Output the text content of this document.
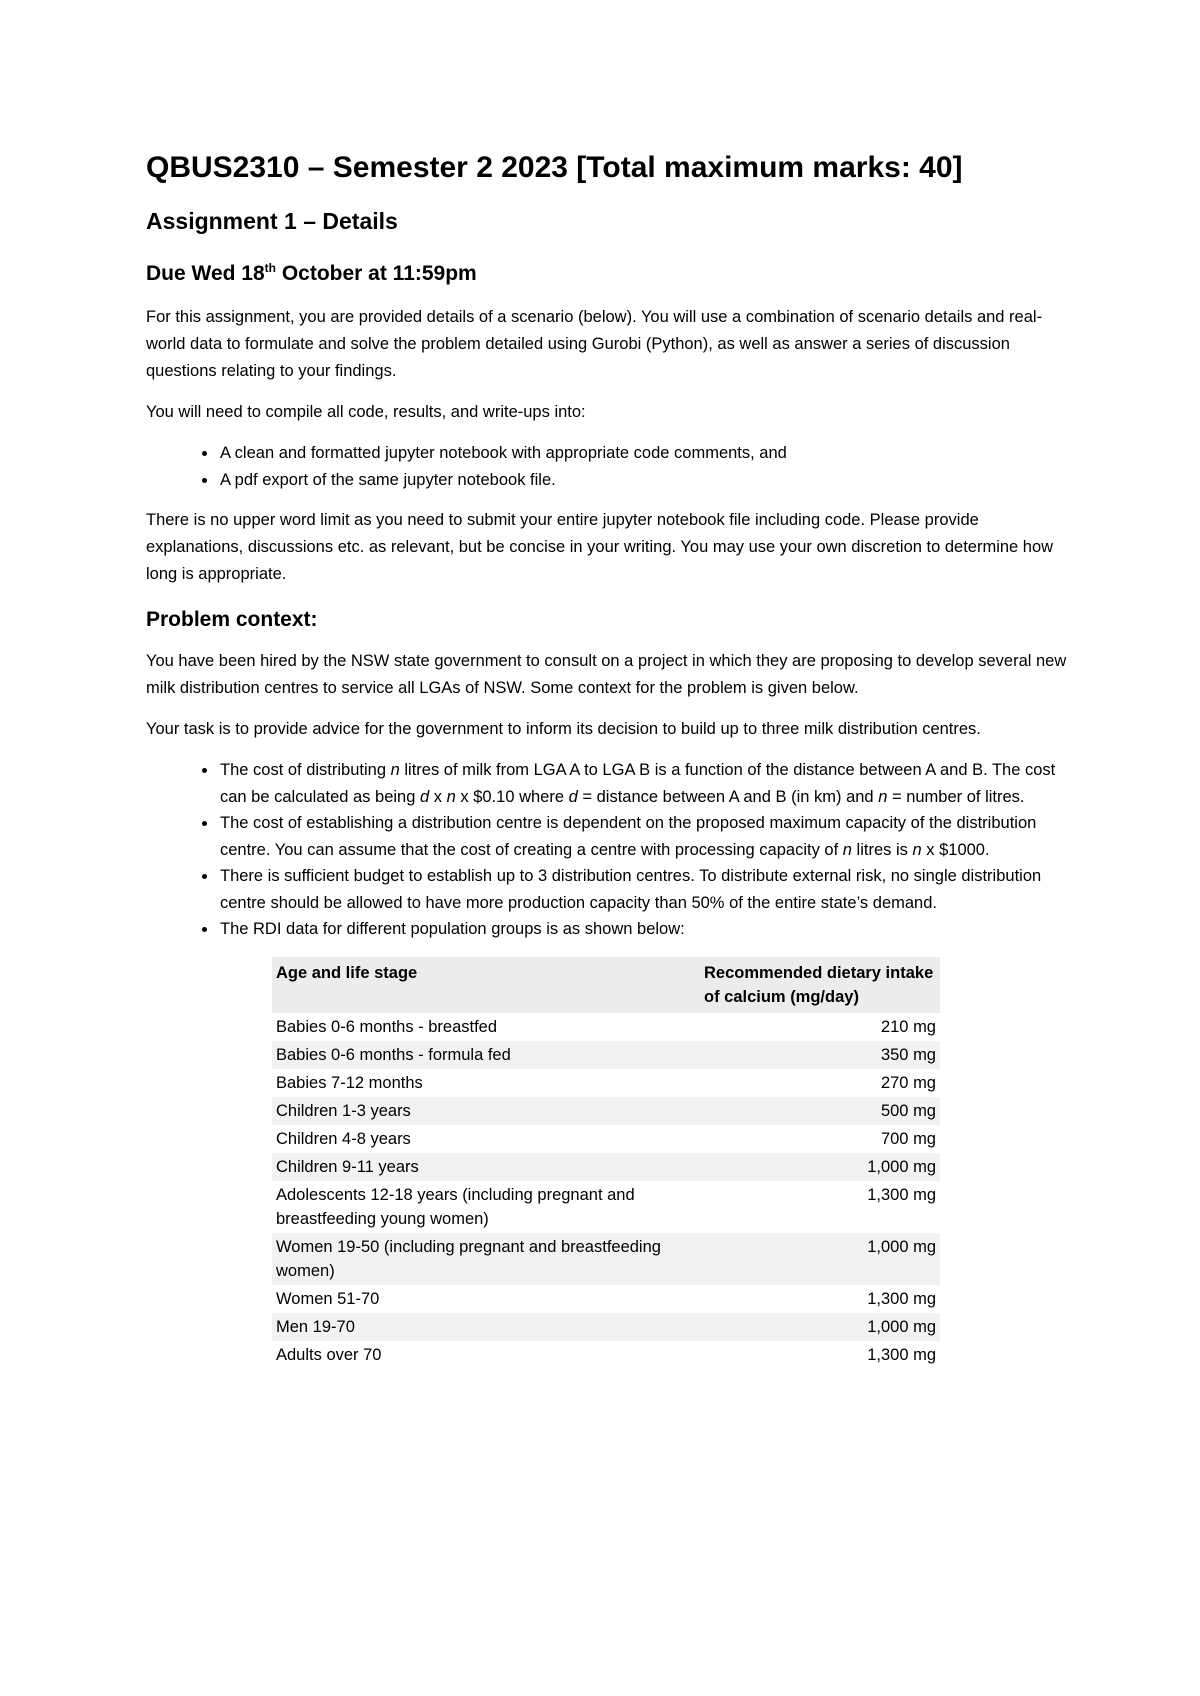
QBUS2310 – Semester 2 2023 [Total maximum marks: 40]
Assignment 1 – Details
Due Wed 18th October at 11:59pm

For this assignment, you are provided details of a scenario (below). You will use a combination of scenario details and real-world data to formulate and solve the problem detailed using Gurobi (Python), as well as answer a series of discussion questions relating to your findings.

You will need to compile all code, results, and write-ups into:

• A clean and formatted jupyter notebook with appropriate code comments, and
• A pdf export of the same jupyter notebook file.

There is no upper word limit as you need to submit your entire jupyter notebook file including code. Please provide explanations, discussions etc. as relevant, but be concise in your writing. You may use your own discretion to determine how long is appropriate.

Problem context:

You have been hired by the NSW state government to consult on a project in which they are proposing to develop several new milk distribution centres to service all LGAs of NSW. Some context for the problem is given below.

Your task is to provide advice for the government to inform its decision to build up to three milk distribution centres.

• The cost of distributing n litres of milk from LGA A to LGA B is a function of the distance between A and B. The cost can be calculated as being d x n x $0.10 where d = distance between A and B (in km) and n = number of litres.
• The cost of establishing a distribution centre is dependent on the proposed maximum capacity of the distribution centre. You can assume that the cost of creating a centre with processing capacity of n litres is n x $1000.
• There is sufficient budget to establish up to 3 distribution centres. To distribute external risk, no single distribution centre should be allowed to have more production capacity than 50% of the entire state’s demand.
• The RDI data for different population groups is as shown below:
Age and life stage	Recommended dietary intake of calcium (mg/day)
Babies 0-6 months - breastfed	210 mg
Babies 0-6 months - formula fed	350 mg
Babies 7-12 months	270 mg
Children 1-3 years	500 mg
Children 4-8 years	700 mg
Children 9-11 years	1,000 mg
Adolescents 12-18 years (including pregnant and breastfeeding young women)	1,300 mg
Women 19-50 (including pregnant and breastfeeding women)	1,000 mg
Women 51-70	1,300 mg
Men 19-70	1,000 mg
Adults over 70	1,300 mg
